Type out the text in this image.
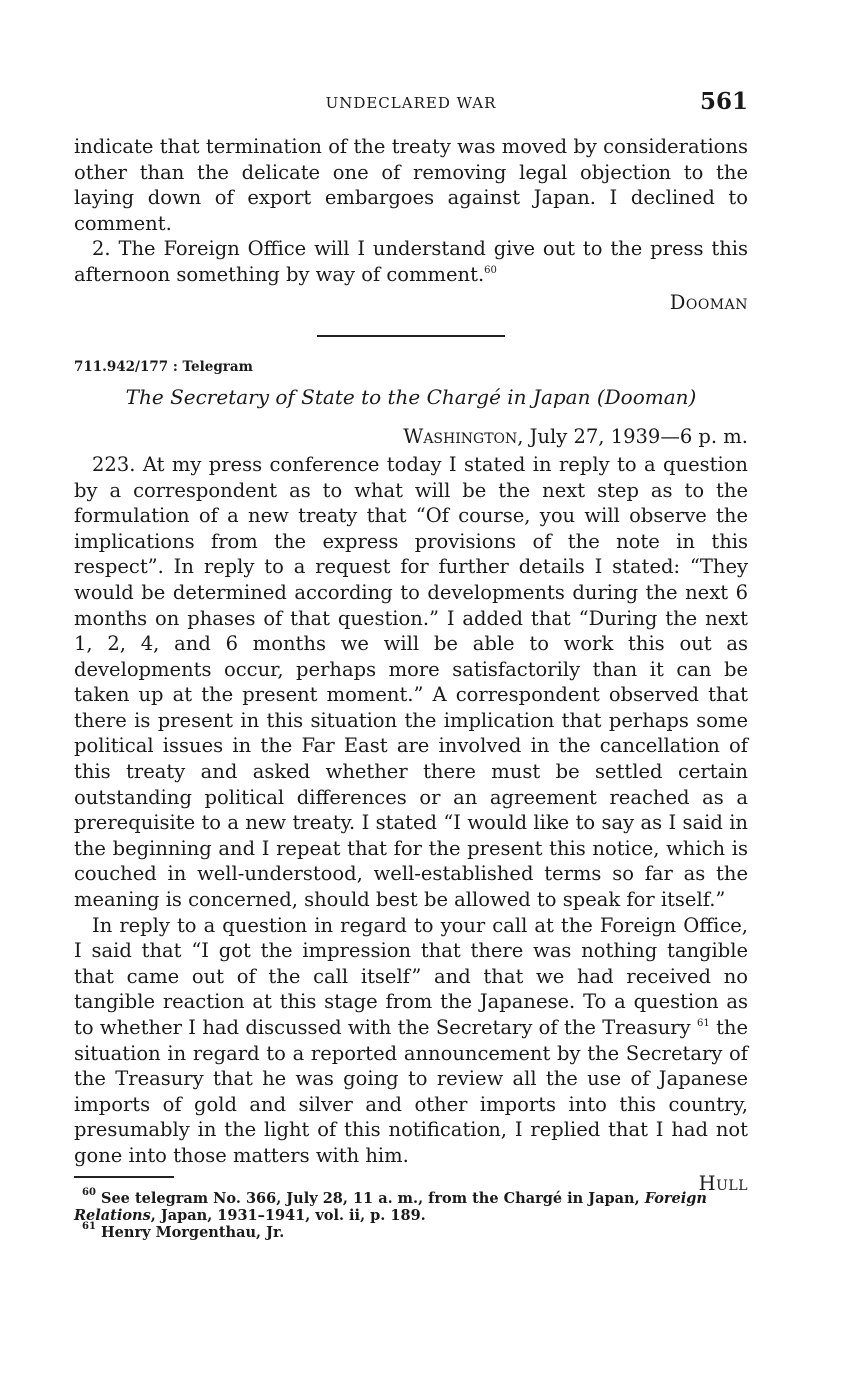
UNDECLARED WAR	561

indicate that termination of the treaty was moved by considerations other than the delicate one of removing legal objection to the laying down of export embargoes against Japan. I declined to comment.

2. The Foreign Office will I understand give out to the press this afternoon something by way of comment.$^{60}$

Dooman

711.942/177 : Telegram

The Secretary of State to the Chargé in Japan (Dooman)

Washington, July 27, 1939—6 p. m.

223. At my press conference today I stated in reply to a question by a correspondent as to what will be the next step as to the formulation of a new treaty that “Of course, you will observe the implications from the express provisions of the note in this respect”. In reply to a request for further details I stated: “They would be determined according to developments during the next 6 months on phases of that question.” I added that “During the next 1, 2, 4, and 6 months we will be able to work this out as developments occur, perhaps more satisfactorily than it can be taken up at the present moment.” A correspondent observed that there is present in this situation the implication that perhaps some political issues in the Far East are involved in the cancellation of this treaty and asked whether there must be settled certain outstanding political differences or an agreement reached as a prerequisite to a new treaty. I stated “I would like to say as I said in the beginning and I repeat that for the present this notice, which is couched in well-understood, well-established terms so far as the meaning is concerned, should best be allowed to speak for itself.”

In reply to a question in regard to your call at the Foreign Office, I said that “I got the impression that there was nothing tangible that came out of the call itself” and that we had received no tangible reaction at this stage from the Japanese. To a question as to whether I had discussed with the Secretary of the Treasury $^{61}$ the situation in regard to a reported announcement by the Secretary of the Treasury that he was going to review all the use of Japanese imports of gold and silver and other imports into this country, presumably in the light of this notification, I replied that I had not gone into those matters with him.

Hull

$^{60}$ See telegram No. 366, July 28, 11 a. m., from the Chargé in Japan, Foreign Relations, Japan, 1931–1941, vol. ii, p. 189.

$^{61}$ Henry Morgenthau, Jr.
